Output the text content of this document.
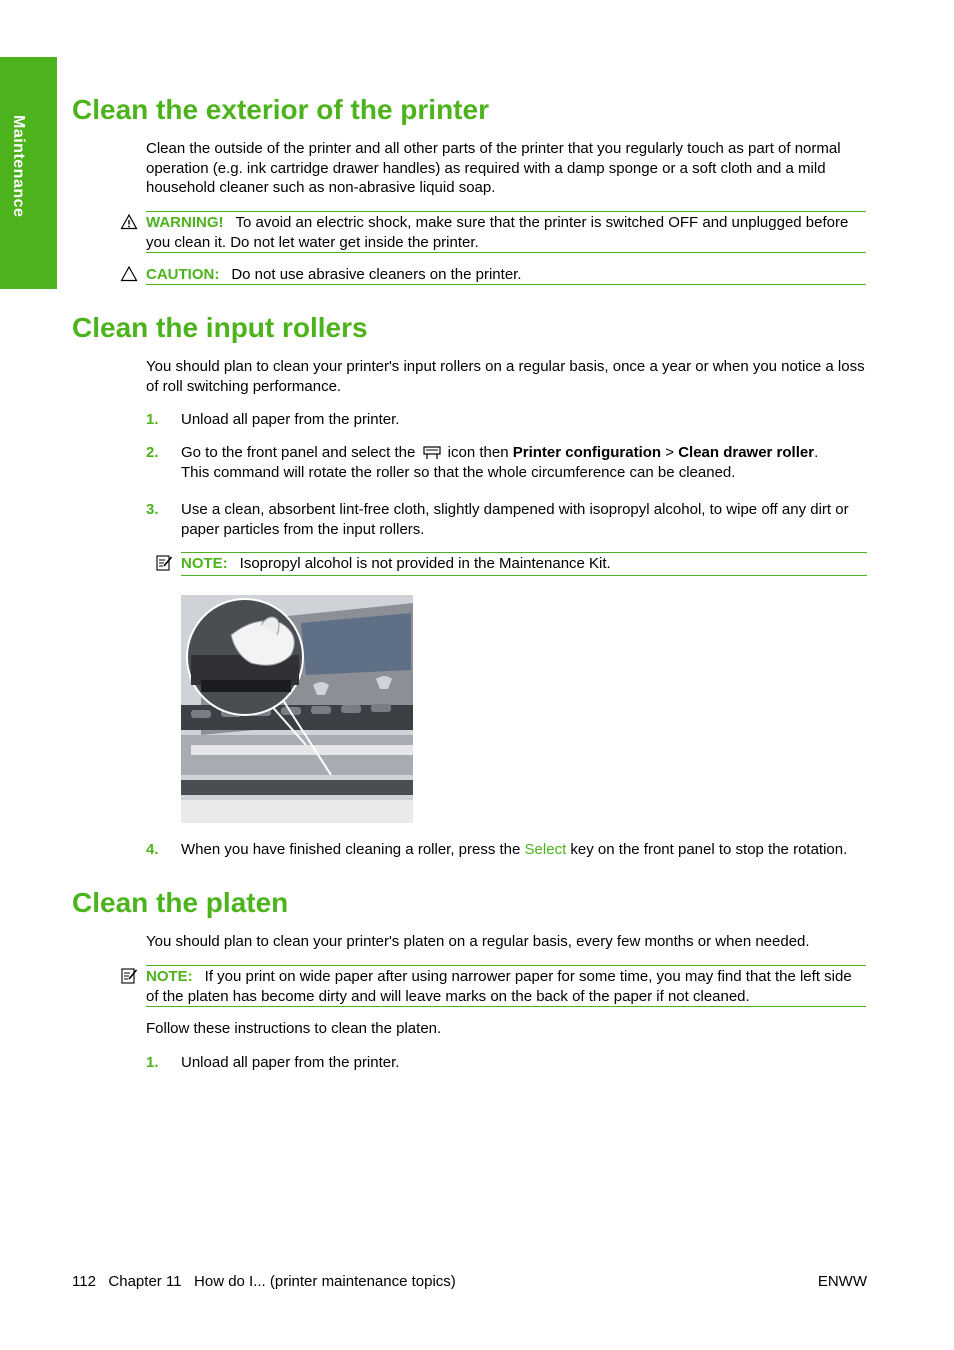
Maintenance
Clean the exterior of the printer

Clean the outside of the printer and all other parts of the printer that you regularly touch as part of normal operation (e.g. ink cartridge drawer handles) as required with a damp sponge or a soft cloth and a mild household cleaner such as non-abrasive liquid soap.

WARNING! To avoid an electric shock, make sure that the printer is switched OFF and unplugged before you clean it. Do not let water get inside the printer.
CAUTION: Do not use abrasive cleaners on the printer.
Clean the input rollers

You should plan to clean your printer's input rollers on a regular basis, once a year or when you notice a loss of roll switching performance.

1. Unload all paper from the printer.
2. Go to the front panel and select the icon then Printer configuration > Clean drawer roller.
This command will rotate the roller so that the whole circumference can be cleaned.
3. Use a clean, absorbent lint-free cloth, slightly dampened with isopropyl alcohol, to wipe off any dirt or paper particles from the input rollers.
NOTE: Isopropyl alcohol is not provided in the Maintenance Kit.
4. When you have finished cleaning a roller, press the Select key on the front panel to stop the rotation.
Clean the platen

You should plan to clean your printer's platen on a regular basis, every few months or when needed.

NOTE: If you print on wide paper after using narrower paper for some time, you may find that the left side of the platen has become dirty and will leave marks on the back of the paper if not cleaned.

Follow these instructions to clean the platen.

1. Unload all paper from the printer.
112   Chapter 11   How do I... (printer maintenance topics)	ENWW
